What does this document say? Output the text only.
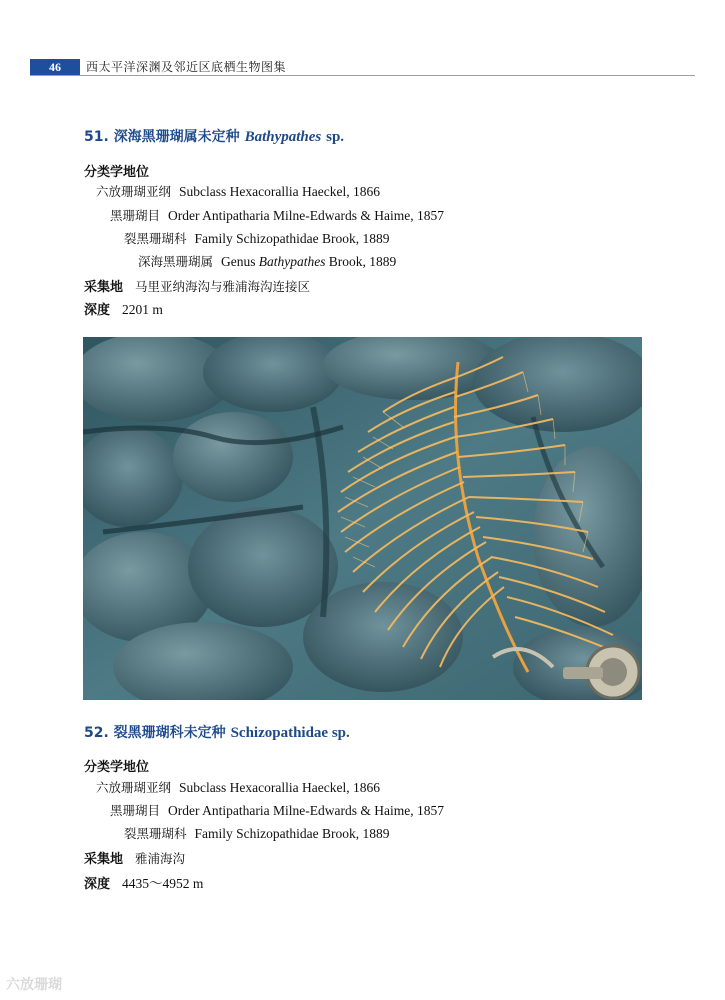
46	西太平洋深渊及邻近区底栖生物图集
51. 深海黑珊瑚属未定种 Bathypathes sp.
分类学地位
六放珊瑚亚纲 Subclass Hexacorallia Haeckel, 1866
黑珊瑚目 Order Antipatharia Milne-Edwards & Haime, 1857
裂黑珊瑚科 Family Schizopathidae Brook, 1889
深海黑珊瑚属 Genus Bathypathes Brook, 1889
采集地 马里亚纳海沟与雅浦海沟连接区
深度 2201 m
52. 裂黑珊瑚科未定种 Schizopathidae sp.
分类学地位
六放珊瑚亚纲 Subclass Hexacorallia Haeckel, 1866
黑珊瑚目 Order Antipatharia Milne-Edwards & Haime, 1857
裂黑珊瑚科 Family Schizopathidae Brook, 1889
采集地 雅浦海沟
深度 4435～4952 m
六放珊瑚
